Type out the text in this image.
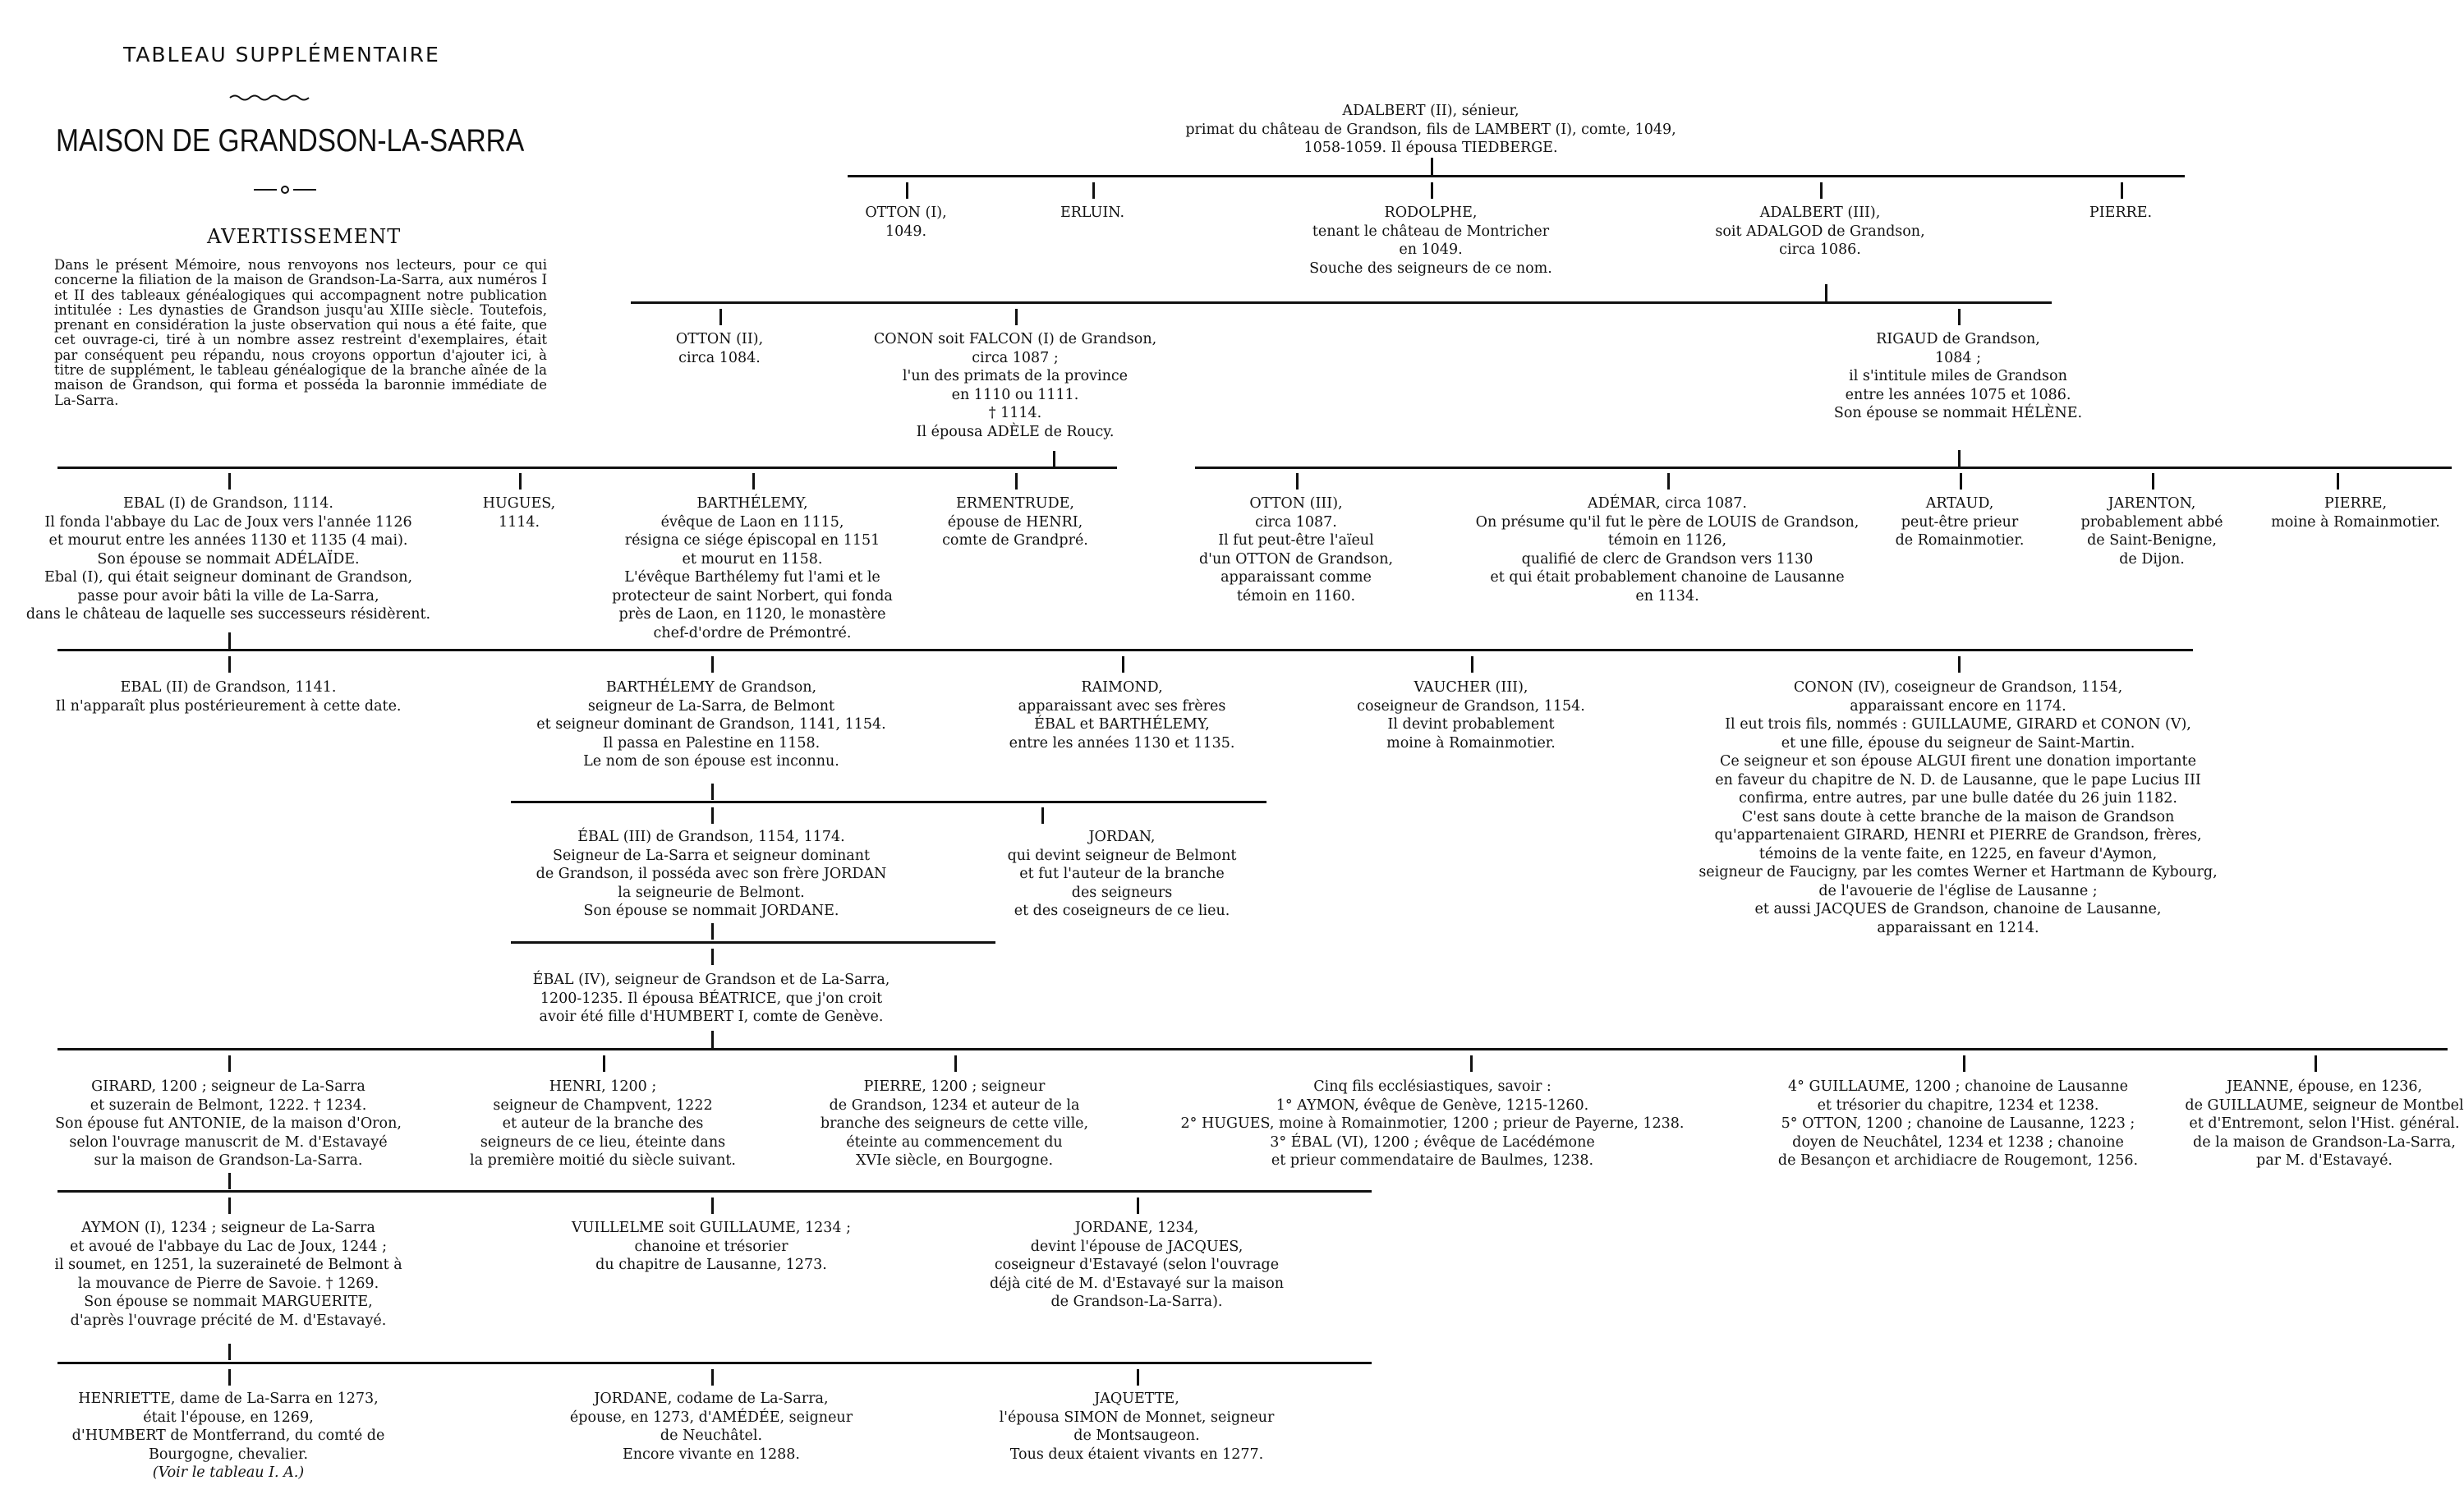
TABLEAU SUPPLÉMENTAIRE
MAISON DE GRANDSON-LA-SARRA
AVERTISSEMENT
Dans le présent Mémoire, nous renvoyons nos lecteurs, pour ce qui concerne la filiation de la maison de Grandson-La-Sarra, aux numéros I et II des tableaux généalogiques qui accompagnent notre publication intitulée : Les dynasties de Grandson jusqu'au XIIIe siècle. Toutefois, prenant en considération la juste observation qui nous a été faite, que cet ouvrage-ci, tiré à un nombre assez restreint d'exemplaires, était par conséquent peu répandu, nous croyons opportun d'ajouter ici, à titre de supplément, le tableau généalogique de la branche aînée de la maison de Grandson, qui forma et posséda la baronnie immédiate de La-Sarra.
ADALBERT (II), sénieur,
primat du château de Grandson, fils de LAMBERT (I), comte, 1049,
1058-1059. Il épousa TIEDBERGE.
OTTON (I),
1049.
ERLUIN.	RODOLPHE,
tenant le château de Montricher
en 1049.
Souche des seigneurs de ce nom.
ADALBERT (III),
soit ADALGOD de Grandson,
circa 1086.
PIERRE.
OTTON (II),
circa 1084.
CONON soit FALCON (I) de Grandson,
circa 1087 ;
l'un des primats de la province
en 1110 ou 1111.
† 1114.
Il épousa ADÈLE de Roucy.
RIGAUD de Grandson,
1084 ;
il s'intitule miles de Grandson
entre les années 1075 et 1086.
Son épouse se nommait HÉLÈNE.
EBAL (I) de Grandson, 1114.
Il fonda l'abbaye du Lac de Joux vers l'année 1126
et mourut entre les années 1130 et 1135 (4 mai).
Son épouse se nommait ADÉLAÏDE.
Ebal (I), qui était seigneur dominant de Grandson,
passe pour avoir bâti la ville de La-Sarra,
dans le château de laquelle ses successeurs résidèrent.
HUGUES,
1114.
BARTHÉLEMY,
évêque de Laon en 1115,
résigna ce siége épiscopal en 1151
et mourut en 1158.
L'évêque Barthélemy fut l'ami et le
protecteur de saint Norbert, qui fonda
près de Laon, en 1120, le monastère
chef-d'ordre de Prémontré.
ERMENTRUDE,
épouse de HENRI,
comte de Grandpré.
OTTON (III),
circa 1087.
Il fut peut-être l'aïeul
d'un OTTON de Grandson,
apparaissant comme
témoin en 1160.
ADÉMAR, circa 1087.
On présume qu'il fut le père de LOUIS de Grandson,
témoin en 1126,
qualifié de clerc de Grandson vers 1130
et qui était probablement chanoine de Lausanne
en 1134.
ARTAUD,
peut-être prieur
de Romainmotier.
JARENTON,
probablement abbé
de Saint-Benigne,
de Dijon.
PIERRE,
moine à Romainmotier.
EBAL (II) de Grandson, 1141.
Il n'apparaît plus postérieurement à cette date.
BARTHÉLEMY de Grandson,
seigneur de La-Sarra, de Belmont
et seigneur dominant de Grandson, 1141, 1154.
Il passa en Palestine en 1158.
Le nom de son épouse est inconnu.
RAIMOND,
apparaissant avec ses frères
ÉBAL et BARTHÉLEMY,
entre les années 1130 et 1135.
VAUCHER (III),
coseigneur de Grandson, 1154.
Il devint probablement
moine à Romainmotier.
CONON (IV), coseigneur de Grandson, 1154,
apparaissant encore en 1174.
Il eut trois fils, nommés : GUILLAUME, GIRARD et CONON (V),
et une fille, épouse du seigneur de Saint-Martin.
Ce seigneur et son épouse ALGUI firent une donation importante
en faveur du chapitre de N. D. de Lausanne, que le pape Lucius III
confirma, entre autres, par une bulle datée du 26 juin 1182.
C'est sans doute à cette branche de la maison de Grandson
qu'appartenaient GIRARD, HENRI et PIERRE de Grandson, frères,
témoins de la vente faite, en 1225, en faveur d'Aymon,
seigneur de Faucigny, par les comtes Werner et Hartmann de Kybourg,
de l'avouerie de l'église de Lausanne ;
et aussi JACQUES de Grandson, chanoine de Lausanne,
apparaissant en 1214.
ÉBAL (III) de Grandson, 1154, 1174.
Seigneur de La-Sarra et seigneur dominant
de Grandson, il posséda avec son frère JORDAN
la seigneurie de Belmont.
Son épouse se nommait JORDANE.
JORDAN,
qui devint seigneur de Belmont
et fut l'auteur de la branche
des seigneurs
et des coseigneurs de ce lieu.
ÉBAL (IV), seigneur de Grandson et de La-Sarra,
1200-1235. Il épousa BÉATRICE, que j'on croit
avoir été fille d'HUMBERT I, comte de Genève.
GIRARD, 1200 ; seigneur de La-Sarra
et suzerain de Belmont, 1222. † 1234.
Son épouse fut ANTONIE, de la maison d'Oron,
selon l'ouvrage manuscrit de M. d'Estavayé
sur la maison de Grandson-La-Sarra.
HENRI, 1200 ;
seigneur de Champvent, 1222
et auteur de la branche des
seigneurs de ce lieu, éteinte dans
la première moitié du siècle suivant.
PIERRE, 1200 ; seigneur
de Grandson, 1234 et auteur de la
branche des seigneurs de cette ville,
éteinte au commencement du
XVIe siècle, en Bourgogne.
Cinq fils ecclésiastiques, savoir :
1° AYMON, évêque de Genève, 1215-1260.
2° HUGUES, moine à Romainmotier, 1200 ; prieur de Payerne, 1238.
3° ÉBAL (VI), 1200 ; évêque de Lacédémone
et prieur commendataire de Baulmes, 1238.
4° GUILLAUME, 1200 ; chanoine de Lausanne
et trésorier du chapitre, 1234 et 1238.
5° OTTON, 1200 ; chanoine de Lausanne, 1223 ;
doyen de Neuchâtel, 1234 et 1238 ; chanoine
de Besançon et archidiacre de Rougemont, 1256.
JEANNE, épouse, en 1236,
de GUILLAUME, seigneur de Montbel
et d'Entremont, selon l'Hist. général.
de la maison de Grandson-La-Sarra,
par M. d'Estavayé.
AYMON (I), 1234 ; seigneur de La-Sarra
et avoué de l'abbaye du Lac de Joux, 1244 ;
il soumet, en 1251, la suzeraineté de Belmont à
la mouvance de Pierre de Savoie. † 1269.
Son épouse se nommait MARGUERITE,
d'après l'ouvrage précité de M. d'Estavayé.
VUILLELME soit GUILLAUME, 1234 ;
chanoine et trésorier
du chapitre de Lausanne, 1273.
JORDANE, 1234,
devint l'épouse de JACQUES,
coseigneur d'Estavayé (selon l'ouvrage
déjà cité de M. d'Estavayé sur la maison
de Grandson-La-Sarra).
HENRIETTE, dame de La-Sarra en 1273,
était l'épouse, en 1269,
d'HUMBERT de Montferrand, du comté de
Bourgogne, chevalier.
(Voir le tableau I. A.)
JORDANE, codame de La-Sarra,
épouse, en 1273, d'AMÉDÉE, seigneur
de Neuchâtel.
Encore vivante en 1288.
JAQUETTE,
l'épousa SIMON de Monnet, seigneur
de Montsaugeon.
Tous deux étaient vivants en 1277.
